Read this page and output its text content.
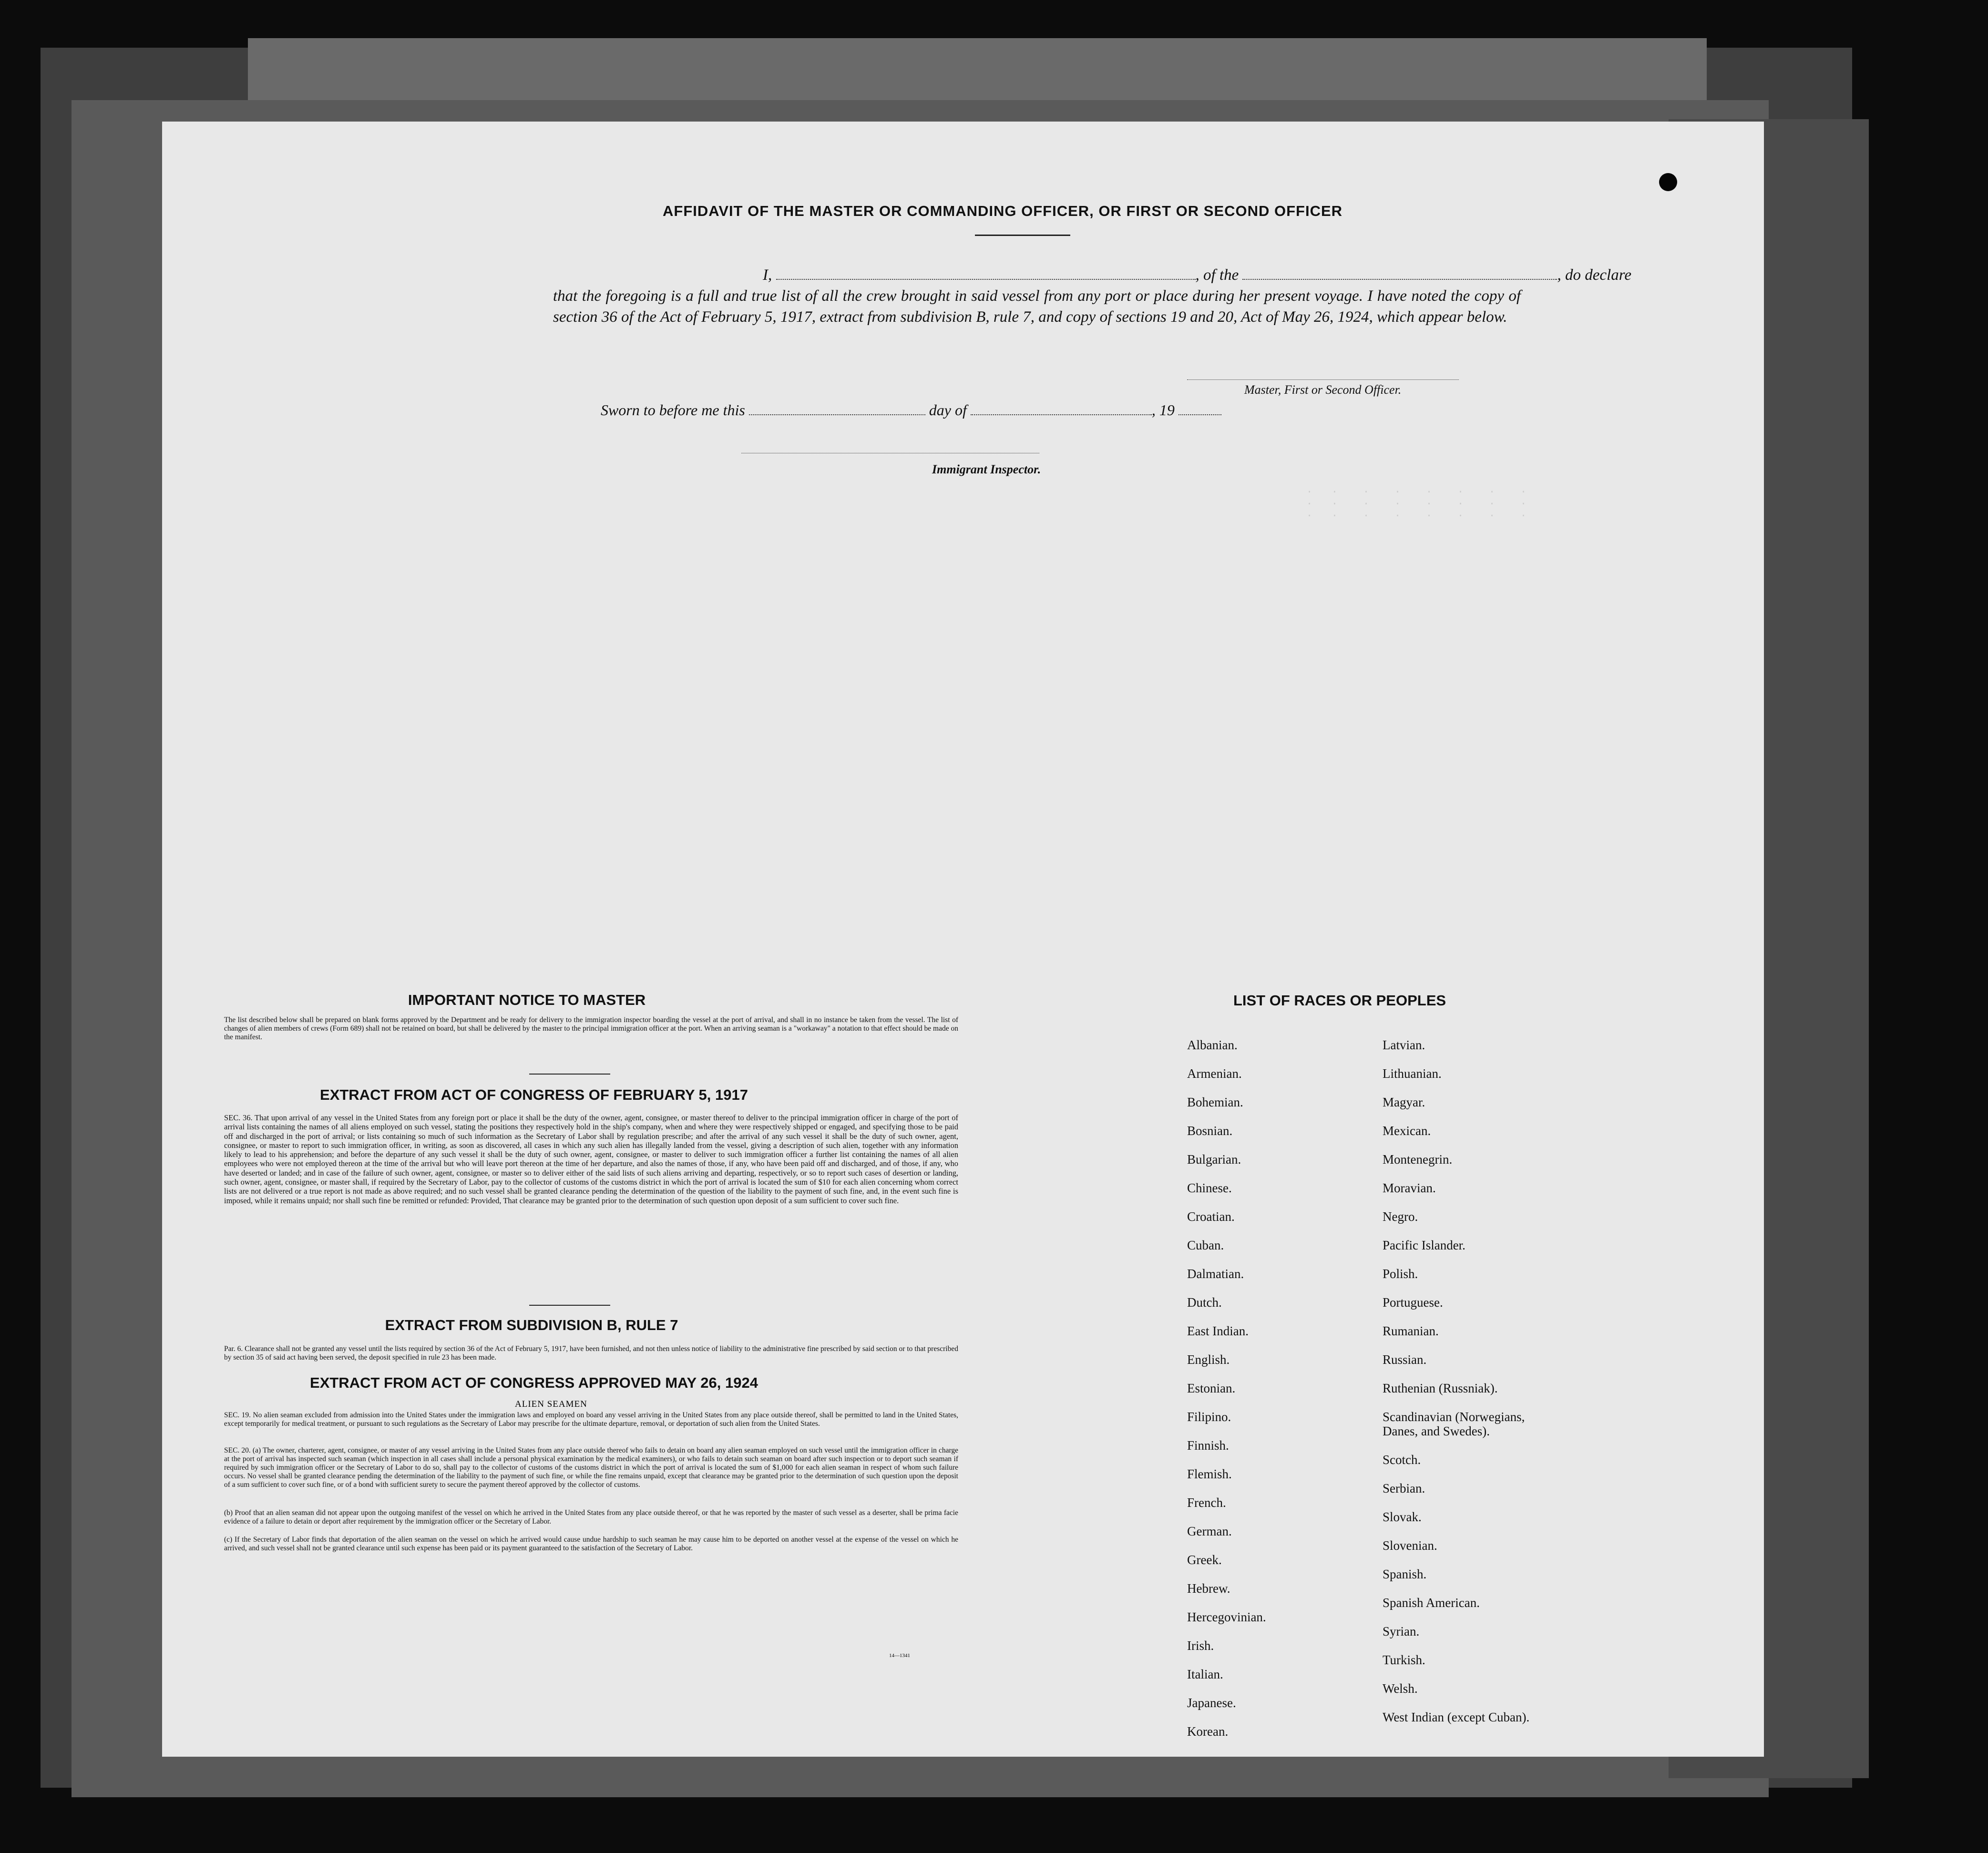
.   .    .    .    .    .    .    .
.   .    .    .    .    .    .    .
.   .    .    .    .    .    .    .
AFFIDAVIT OF THE MASTER OR COMMANDING OFFICER, OR FIRST OR SECOND OFFICER
I,	, of the	, do declare
that the foregoing is a full and true list of all the crew brought in said vessel from any port or place during her present voyage. I have noted the copy of section 36 of the Act of February 5, 1917, extract from subdivision B, rule 7, and copy of sections 19 and 20, Act of May 26, 1924, which appear below.
Master, First or Second Officer.
Sworn to before me this	day of	, 19
Immigrant Inspector.
IMPORTANT NOTICE TO MASTER
The list described below shall be prepared on blank forms approved by the Department and be ready for delivery to the immigration inspector boarding the vessel at the port of arrival, and shall in no instance be taken from the vessel. The list of changes of alien members of crews (Form 689) shall not be retained on board, but shall be delivered by the master to the principal immigration officer at the port. When an arriving seaman is a "workaway" a notation to that effect should be made on the manifest.
EXTRACT FROM ACT OF CONGRESS OF FEBRUARY 5, 1917
SEC. 36. That upon arrival of any vessel in the United States from any foreign port or place it shall be the duty of the owner, agent, consignee, or master thereof to deliver to the principal immigration officer in charge of the port of arrival lists containing the names of all aliens employed on such vessel, stating the positions they respectively hold in the ship's company, when and where they were respectively shipped or engaged, and specifying those to be paid off and discharged in the port of arrival; or lists containing so much of such information as the Secretary of Labor shall by regulation prescribe; and after the arrival of any such vessel it shall be the duty of such owner, agent, consignee, or master to report to such immigration officer, in writing, as soon as discovered, all cases in which any such alien has illegally landed from the vessel, giving a description of such alien, together with any information likely to lead to his apprehension; and before the departure of any such vessel it shall be the duty of such owner, agent, consignee, or master to deliver to such immigration officer a further list containing the names of all alien employees who were not employed thereon at the time of the arrival but who will leave port thereon at the time of her departure, and also the names of those, if any, who have been paid off and discharged, and of those, if any, who have deserted or landed; and in case of the failure of such owner, agent, consignee, or master so to deliver either of the said lists of such aliens arriving and departing, respectively, or so to report such cases of desertion or landing, such owner, agent, consignee, or master shall, if required by the Secretary of Labor, pay to the collector of customs of the customs district in which the port of arrival is located the sum of $10 for each alien concerning whom correct lists are not delivered or a true report is not made as above required; and no such vessel shall be granted clearance pending the determination of the question of the liability to the payment of such fine, and, in the event such fine is imposed, while it remains unpaid; nor shall such fine be remitted or refunded: Provided, That clearance may be granted prior to the determination of such question upon deposit of a sum sufficient to cover such fine.
EXTRACT FROM SUBDIVISION B, RULE 7
Par. 6. Clearance shall not be granted any vessel until the lists required by section 36 of the Act of February 5, 1917, have been furnished, and not then unless notice of liability to the administrative fine prescribed by said section or to that prescribed by section 35 of said act having been served, the deposit specified in rule 23 has been made.
EXTRACT FROM ACT OF CONGRESS APPROVED MAY 26, 1924
ALIEN SEAMEN
SEC. 19. No alien seaman excluded from admission into the United States under the immigration laws and employed on board any vessel arriving in the United States from any place outside thereof, shall be permitted to land in the United States, except temporarily for medical treatment, or pursuant to such regulations as the Secretary of Labor may prescribe for the ultimate departure, removal, or deportation of such alien from the United States.
SEC. 20. (a) The owner, charterer, agent, consignee, or master of any vessel arriving in the United States from any place outside thereof who fails to detain on board any alien seaman employed on such vessel until the immigration officer in charge at the port of arrival has inspected such seaman (which inspection in all cases shall include a personal physical examination by the medical examiners), or who fails to detain such seaman on board after such inspection or to deport such seaman if required by such immigration officer or the Secretary of Labor to do so, shall pay to the collector of customs of the customs district in which the port of arrival is located the sum of $1,000 for each alien seaman in respect of whom such failure occurs. No vessel shall be granted clearance pending the determination of the liability to the payment of such fine, or while the fine remains unpaid, except that clearance may be granted prior to the determination of such question upon the deposit of a sum sufficient to cover such fine, or of a bond with sufficient surety to secure the payment thereof approved by the collector of customs.
(b) Proof that an alien seaman did not appear upon the outgoing manifest of the vessel on which he arrived in the United States from any place outside thereof, or that he was reported by the master of such vessel as a deserter, shall be prima facie evidence of a failure to detain or deport after requirement by the immigration officer or the Secretary of Labor.
(c) If the Secretary of Labor finds that deportation of the alien seaman on the vessel on which he arrived would cause undue hardship to such seaman he may cause him to be deported on another vessel at the expense of the vessel on which he arrived, and such vessel shall not be granted clearance until such expense has been paid or its payment guaranteed to the satisfaction of the Secretary of Labor.
14—1341
LIST OF RACES OR PEOPLES
Albanian.
Armenian.
Bohemian.
Bosnian.
Bulgarian.
Chinese.
Croatian.
Cuban.
Dalmatian.
Dutch.
East Indian.
English.
Estonian.
Filipino.
Finnish.
Flemish.
French.
German.
Greek.
Hebrew.
Hercegovinian.
Irish.
Italian.
Japanese.
Korean.
Latvian.
Lithuanian.
Magyar.
Mexican.
Montenegrin.
Moravian.
Negro.
Pacific Islander.
Polish.
Portuguese.
Rumanian.
Russian.
Ruthenian (Russniak).
Scandinavian (Norwegians, Danes, and Swedes).
Scotch.
Serbian.
Slovak.
Slovenian.
Spanish.
Spanish American.
Syrian.
Turkish.
Welsh.
West Indian (except Cuban).
